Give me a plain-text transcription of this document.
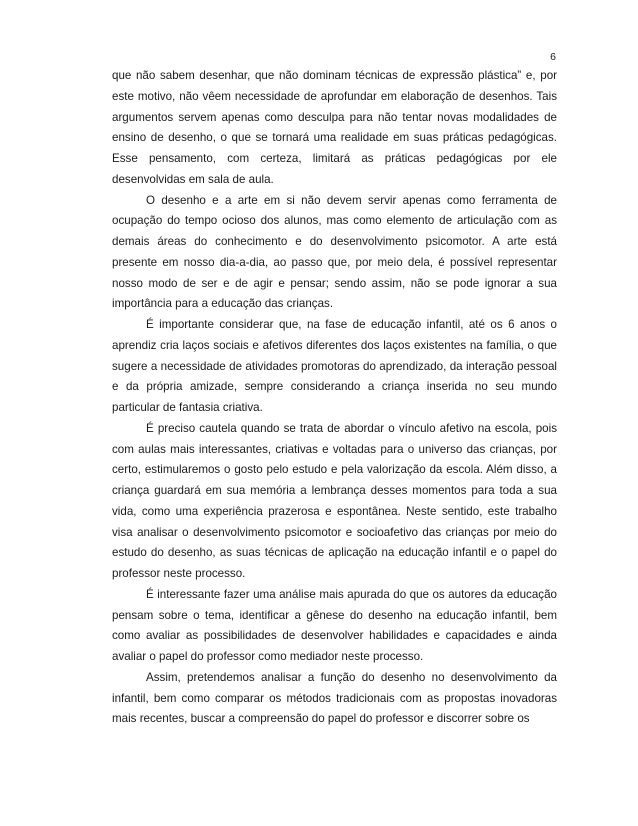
6

que não sabem desenhar, que não dominam técnicas de expressão plástica” e, por este motivo, não vêem necessidade de aprofundar em elaboração de desenhos. Tais argumentos servem apenas como desculpa para não tentar novas modalidades de ensino de desenho, o que se tornará uma realidade em suas práticas pedagógicas. Esse pensamento, com certeza, limitará as práticas pedagógicas por ele desenvolvidas em sala de aula.

O desenho e a arte em si não devem servir apenas como ferramenta de ocupação do tempo ocioso dos alunos, mas como elemento de articulação com as demais áreas do conhecimento e do desenvolvimento psicomotor. A arte está presente em nosso dia-a-dia, ao passo que, por meio dela, é possível representar nosso modo de ser e de agir e pensar; sendo assim, não se pode ignorar a sua importância para a educação das crianças.

É importante considerar que, na fase de educação infantil, até os 6 anos o aprendiz cria laços sociais e afetivos diferentes dos laços existentes na família, o que sugere a necessidade de atividades promotoras do aprendizado, da interação pessoal e da própria amizade, sempre considerando a criança inserida no seu mundo particular de fantasia criativa.

É preciso cautela quando se trata de abordar o vínculo afetivo na escola, pois com aulas mais interessantes, criativas e voltadas para o universo das crianças, por certo, estimularemos o gosto pelo estudo e pela valorização da escola. Além disso, a criança guardará em sua memória a lembrança desses momentos para toda a sua vida, como uma experiência prazerosa e espontânea. Neste sentido, este trabalho visa analisar o desenvolvimento psicomotor e socioafetivo das crianças por meio do estudo do desenho, as suas técnicas de aplicação na educação infantil e o papel do professor neste processo.

É interessante fazer uma análise mais apurada do que os autores da educação pensam sobre o tema, identificar a gênese do desenho na educação infantil, bem como avaliar as possibilidades de desenvolver habilidades e capacidades e ainda avaliar o papel do professor como mediador neste processo.

Assim, pretendemos analisar a função do desenho no desenvolvimento da infantil, bem como comparar os métodos tradicionais com as propostas inovadoras mais recentes, buscar a compreensão do papel do professor e discorrer sobre os
